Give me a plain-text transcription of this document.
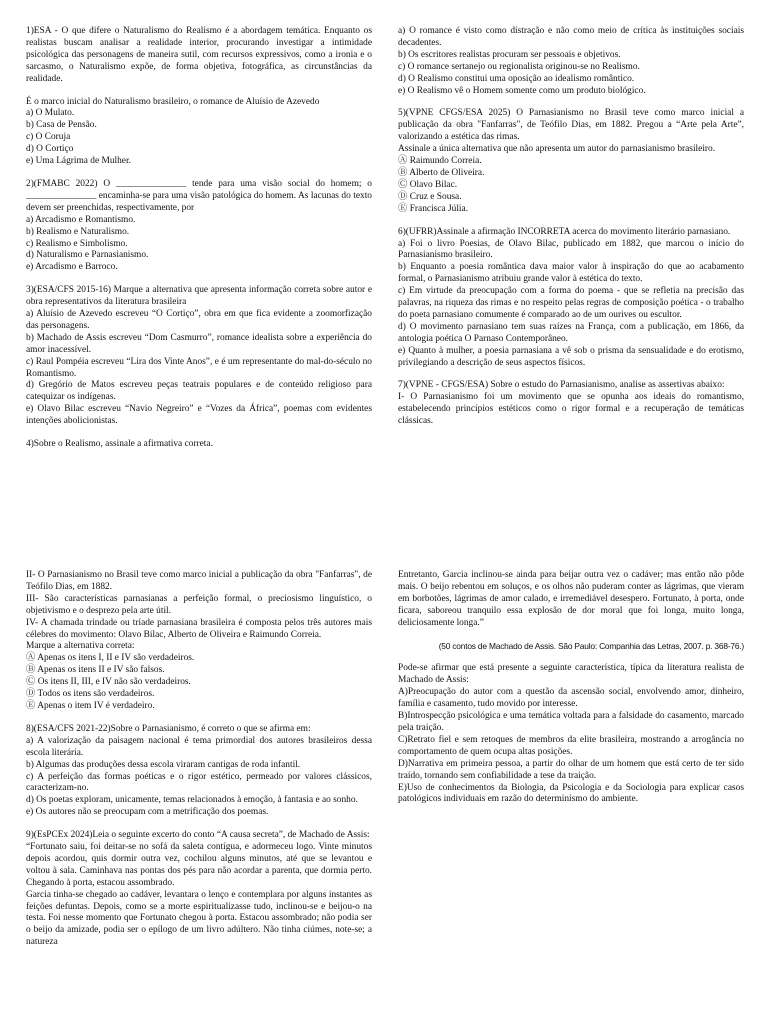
1)ESA - O que difere o Naturalismo do Realismo é a abordagem temática. Enquanto os realistas buscam analisar a realidade interior, procurando investigar a intimidade psicológica das personagens de maneira sutil, com recursos expressivos, como a ironia e o sarcasmo, o Naturalismo expõe, de forma objetiva, fotográfica, as circunstâncias da realidade.

É o marco inicial do Naturalismo brasileiro, o romance de Aluísio de Azevedo

a) O Mulato.

b) Casa de Pensão.

c) O Coruja

d) O Cortiço

e) Uma Lágrima de Mulher.

2)(FMABC 2022) O _______________ tende para uma visão social do homem; o _______________ encaminha-se para uma visão patológica do homem. As lacunas do texto devem ser preenchidas, respectivamente, por

a) Arcadismo e Romantismo.

b) Realismo e Naturalismo.

c) Realismo e Simbolismo.

d) Naturalismo e Parnasianismo.

e) Arcadismo e Barroco.

3)(ESA/CFS 2015-16) Marque a alternativa que apresenta informação correta sobre autor e obra representativos da literatura brasileira

a) Aluísio de Azevedo escreveu “O Cortiço”, obra em que fica evidente a zoomorfização das personagens.

b) Machado de Assis escreveu “Dom Casmurro”, romance idealista sobre a experiência do amor inacessível.

c) Raul Pompéia escreveu “Lira dos Vinte Anos”, e é um representante do mal-do-século no Romantismo.

d) Gregório de Matos escreveu peças teatrais populares e de conteúdo religioso para catequizar os indígenas.

e) Olavo Bilac escreveu “Navio Negreiro” e “Vozes da África”, poemas com evidentes intenções abolicionistas.

4)Sobre o Realismo, assinale a afirmativa correta.

a) O romance é visto como distração e não como meio de crítica às instituições sociais decadentes.

b) Os escritores realistas procuram ser pessoais e objetivos.

c) O romance sertanejo ou regionalista originou-se no Realismo.

d) O Realismo constitui uma oposição ao idealismo romântico.

e) O Realismo vê o Homem somente como um produto biológico.

5)(VPNE CFGS/ESA 2025) O Parnasianismo no Brasil teve como marco inicial a publicação da obra "Fanfarras", de Teófilo Dias, em 1882. Pregou a “Arte pela Arte”, valorizando a estética das rimas.

Assinale a única alternativa que não apresenta um autor do parnasianismo brasileiro.

Ⓐ Raimundo Correia.

Ⓑ Alberto de Oliveira.

Ⓒ Olavo Bilac.

Ⓓ Cruz e Sousa.

Ⓔ Francisca Júlia.

6)(UFRR)Assinale a afirmação INCORRETA acerca do movimento literário parnasiano.

a) Foi o livro Poesias, de Olavo Bilac, publicado em 1882, que marcou o início do Parnasianismo brasileiro.

b) Enquanto a poesia romântica dava maior valor à inspiração do que ao acabamento formal, o Parnasianismo atribuiu grande valor à estética do texto.

c) Em virtude da preocupação com a forma do poema - que se refletia na precisão das palavras, na riqueza das rimas e no respeito pelas regras de composição poética - o trabalho do poeta parnasiano comumente é comparado ao de um ourives ou escultor.

d) O movimento parnasiano tem suas raízes na França, com a publicação, em 1866, da antologia poética O Parnaso Contemporâneo.

e) Quanto à mulher, a poesia parnasiana a vê sob o prisma da sensualidade e do erotismo, privilegiando a descrição de seus aspectos físicos.

7)(VPNE - CFGS/ESA) Sobre o estudo do Parnasianismo, analise as assertivas abaixo:

I- O Parnasianismo foi um movimento que se opunha aos ideais do romantismo, estabelecendo princípios estéticos como o rigor formal e a recuperação de temáticas clássicas.

II- O Parnasianismo no Brasil teve como marco inicial a publicação da obra "Fanfarras", de Teófilo Dias, em 1882.

III- São características parnasianas a perfeição formal, o preciosismo linguístico, o objetivismo e o desprezo pela arte útil.

IV- A chamada trindade ou tríade parnasiana brasileira é composta pelos três autores mais célebres do movimento: Olavo Bilac, Alberto de Oliveira e Raimundo Correia.

Marque a alternativa correta:

Ⓐ Apenas os itens I, II e IV são verdadeiros.

Ⓑ Apenas os itens II e IV são falsos.

Ⓒ Os itens II, III, e IV não são verdadeiros.

Ⓓ Todos os itens são verdadeiros.

Ⓔ Apenas o item IV é verdadeiro.

8)(ESA/CFS 2021-22)Sobre o Parnasianismo, é correto o que se afirma em:

a) A valorização da paisagem nacional é tema primordial dos autores brasileiros dessa escola literária.

b) Algumas das produções dessa escola viraram cantigas de roda infantil.

c) A perfeição das formas poéticas e o rigor estético, permeado por valores clássicos, caracterizam-no.

d) Os poetas exploram, unicamente, temas relacionados à emoção, à fantasia e ao sonho.

e) Os autores não se preocupam com a metrificação dos poemas.

9)(EsPCEx 2024)Leia o seguinte excerto do conto “A causa secreta”, de Machado de Assis:

“Fortunato saiu, foi deitar-se no sofá da saleta contígua, e adormeceu logo. Vinte minutos depois acordou, quis dormir outra vez, cochilou alguns minutos, até que se levantou e voltou à sala. Caminhava nas pontas dos pés para não acordar a parenta, que dormia perto. Chegando à porta, estacou assombrado.

Garcia tinha-se chegado ao cadáver, levantara o lenço e contemplara por alguns instantes as feições defuntas. Depois, como se a morte espiritualizasse tudo, inclinou-se e beijou-o na testa. Foi nesse momento que Fortunato chegou à porta. Estacou assombrado; não podia ser o beijo da amizade, podia ser o epílogo de um livro adúltero. Não tinha ciúmes, note-se; a natureza

Entretanto, Garcia inclinou-se ainda para beijar outra vez o cadáver; mas então não pôde mais. O beijo rebentou em soluços, e os olhos não puderam conter as lágrimas, que vieram em borbotões, lágrimas de amor calado, e irremediável desespero. Fortunato, à porta, onde ficara, saboreou tranquilo essa explosão de dor moral que foi longa, muito longa, deliciosamente longa.”

(50 contos de Machado de Assis. São Paulo: Companhia das Letras, 2007. p. 368-76.)

Pode-se afirmar que está presente a seguinte característica, típica da literatura realista de Machado de Assis:

A)Preocupação do autor com a questão da ascensão social, envolvendo amor, dinheiro, família e casamento, tudo movido por interesse.

B)Introspecção psicológica e uma temática voltada para a falsidade do casamento, marcado pela traição.

C)Retrato fiel e sem retoques de membros da elite brasileira, mostrando a arrogância no comportamento de quem ocupa altas posições.

D)Narrativa em primeira pessoa, a partir do olhar de um homem que está certo de ter sido traído, tornando sem confiabilidade a tese da traição.

E)Uso de conhecimentos da Biologia, da Psicologia e da Sociologia para explicar casos patológicos individuais em razão do determinismo do ambiente.
